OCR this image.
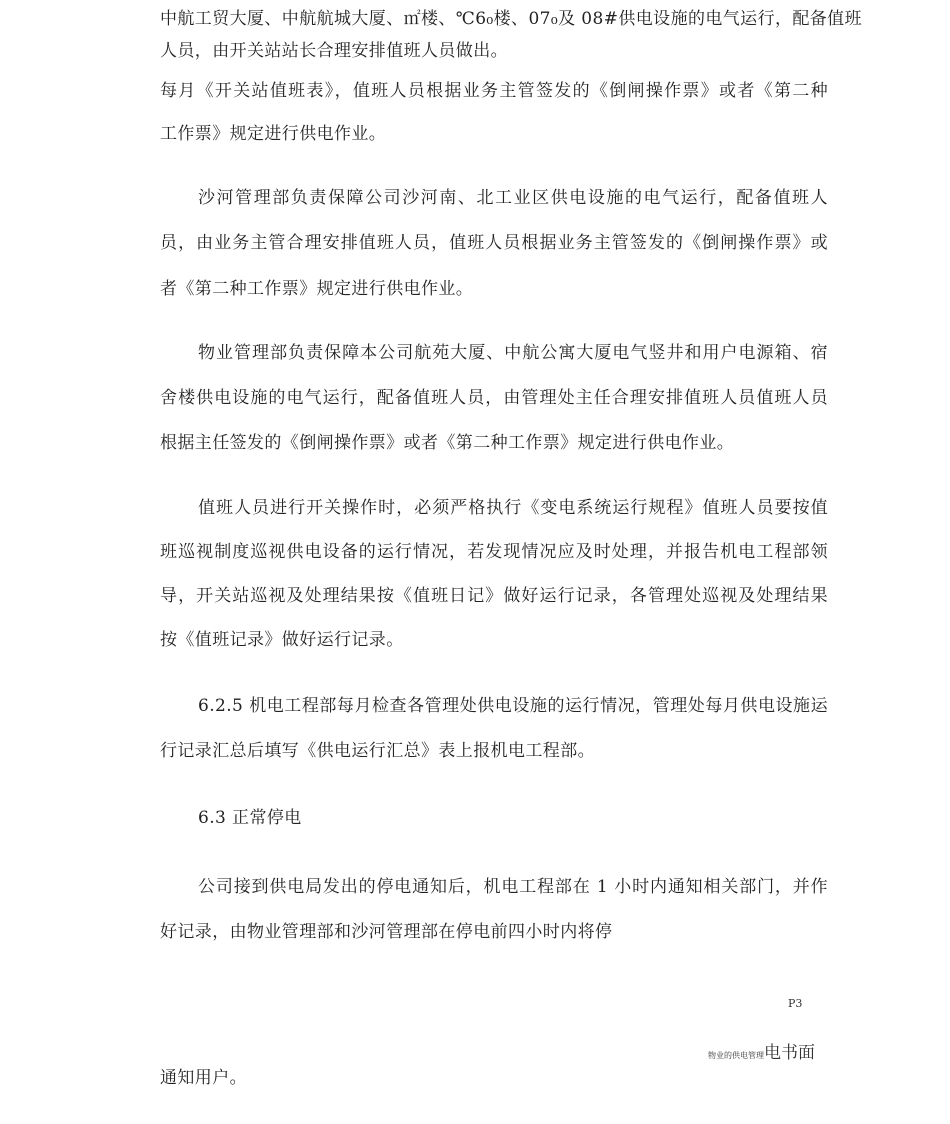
中航工贸大厦、中航航城大厦、㎡楼、℃6₀楼、07₀及 08#供电设施的电气运行，配备值班
人员，由开关站站长合理安排值班人员做出。
每月《开关站值班表》，值班人员根据业务主管签发的《倒闸操作票》或者《第二种
工作票》规定进行供电作业。
沙河管理部负责保障公司沙河南、北工业区供电设施的电气运行，配备值班人
员，由业务主管合理安排值班人员，值班人员根据业务主管签发的《倒闸操作票》或
者《第二种工作票》规定进行供电作业。
物业管理部负责保障本公司航苑大厦、中航公寓大厦电气竖井和用户电源箱、宿
舍楼供电设施的电气运行，配备值班人员，由管理处主任合理安排值班人员值班人员
根据主任签发的《倒闸操作票》或者《第二种工作票》规定进行供电作业。
值班人员进行开关操作时，必须严格执行《变电系统运行规程》值班人员要按值
班巡视制度巡视供电设备的运行情况，若发现情况应及时处理，并报告机电工程部领
导，开关站巡视及处理结果按《值班日记》做好运行记录，各管理处巡视及处理结果
按《值班记录》做好运行记录。
6.2.5 机电工程部每月检查各管理处供电设施的运行情况，管理处每月供电设施运
行记录汇总后填写《供电运行汇总》表上报机电工程部。
6.3 正常停电
公司接到供电局发出的停电通知后，机电工程部在 1 小时内通知相关部门，并作
好记录，由物业管理部和沙河管理部在停电前四小时内将停
P3
物业的供电管理电书面
通知用户。
